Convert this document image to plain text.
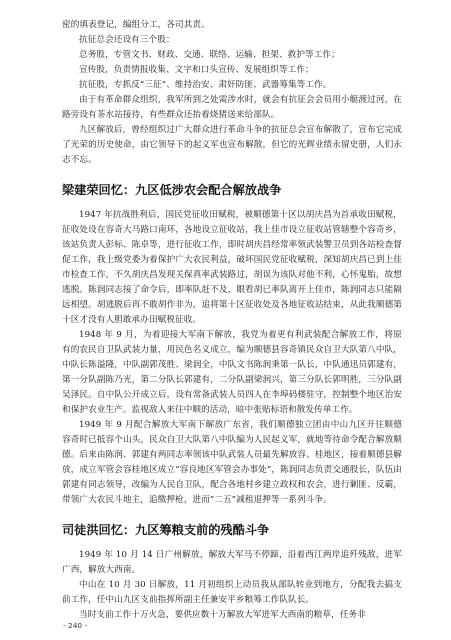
密的填表登记，编组分工，各司其责。

抗征总会还设有三个股：

总务股，专管文书、财政、交通、联络、运输、担架、救护等工作；

宣传股，负责情报收集、文字和口头宣传、发展组织等工作；

抗征股，专抓反“三征”、维持治安、肃奸防匪、武器筹集等工作。

由于有革命群众组织，我军所到之处需涉水时，就会有抗征会会员用小艇渡过河，在路旁设有茶水站接待，有些群众还抬着烧猪送来给部队。

九区解放后，曾经组织过广大群众进行革命斗争的抗征总会宣布解散了，宣布它完成了光荣的历史使命，由它领导下的起义军也宣布解散，但它的光辉业绩永留史册，人们永志不忘。

梁建荣回忆：九区低涉农会配合解放战争

1947 年抗战胜利后，国民党征收田赋税，被顺德第十区以胡庆昌为首承收田赋税，征收处设在容奇大马路口南环，各地设立征收站，我上佳市设立征收站管辖整个容奇乡，该站负责人彭标、陈卓等，进行征收工作，即时胡庆昌经常率领武装警卫员到各站检查督促工作，我上级党委为着保护广大农民利益，破坏国民党征收赋税，深知胡庆昌已到上佳市检查工作，不久胡庆昌发现关保真率武装路过，胡误为该队对他不利，心怀鬼胎，故想逃脱。陈润同志接了命令后，即率队赶不及，眼看胡已率队离开上佳市，陈润同志只能隔远相望。胡逃脱后再不敢胡作非为，追将第十区征收处及各地征收站结束，从此我顺德第十区才没有人胆敢承办田赋税征收。

1948 年 9 月，为着迎接大军南下解放，我党为着更有利武装配合解放工作，将原有的农民自卫队武装力量，用民色名义成立，编为顺德县容奇镇民众自卫大队第八中队，中队长陈溢隆，中队副郭茂胜、梁润全，中队文书陈润秉第一队长，中队通迅员郭建有，第一分队副陈乃光，第二分队长郭建有，二分队副梁润兴，第三分队长郭明胜，三分队副吴泽民。自中队公开成立后，设有常备武装人员四人在李埠码楼驻守，控制整个地区治安和保护农业生产。监视敌人来往中顺的活动，暗中张贴标语和散发传单工作。

1949 年 9 月配合解放大军南下解放广东省，我们顺德独立团由中山九区开往顺德容奇时已抵容个山头，民众自卫大队第八中队编为人民起义军，就地等待命令配合解放顺德。后来由陈润、郭建有两同志率领该中队武装人员最先解放容、桂地区，接着顺德县解放，成立军管会容桂地区成立“容良地区军管会办事处”，陈润同志负责交通股长，队伍由郭建有同志领导，改编为人民自卫队，配合各地村乡建立政权和农会，进行剿匪、反霸，带领广大农民斗地主，追缴押枪，进而“二五”减租退押等一系列斗争。

司徒洪回忆：九区筹粮支前的残酷斗争

1949 年 10 月 14 日广州解放，解放大军马不停蹄，沿着西江两岸追歼残敌，进军广西，解放大西南。

中山在 10 月 30 日解放，11 月初组织上动员我从部队转业到地方，分配我去搞支前工作，任中山九区支前指挥所副主任兼安平乡粮筹工作队队长。

当时支前工作十万火急，要供应数十万解放大军进军大西南的粮草，任务非

- 240 -
